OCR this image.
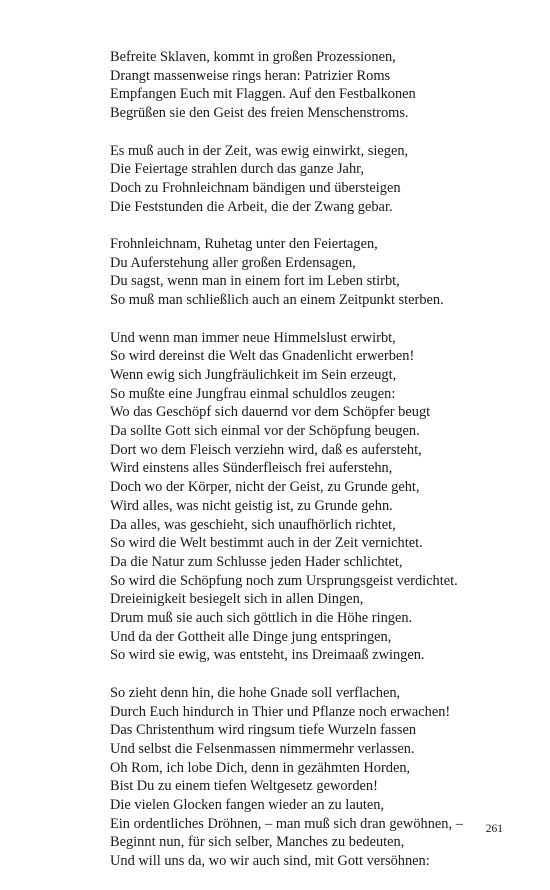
Befreite Sklaven, kommt in großen Prozessionen,
Drangt massenweise rings heran: Patrizier Roms
Empfangen Euch mit Flaggen. Auf den Festbalkonen
Begrüßen sie den Geist des freien Menschenstroms.
Es muß auch in der Zeit, was ewig einwirkt, siegen,
Die Feiertage strahlen durch das ganze Jahr,
Doch zu Frohnleichnam bändigen und übersteigen
Die Feststunden die Arbeit, die der Zwang gebar.
Frohnleichnam, Ruhetag unter den Feiertagen,
Du Auferstehung aller großen Erdensagen,
Du sagst, wenn man in einem fort im Leben stirbt,
So muß man schließlich auch an einem Zeitpunkt sterben.
Und wenn man immer neue Himmelslust erwirbt,
So wird dereinst die Welt das Gnadenlicht erwerben!
Wenn ewig sich Jungfräulichkeit im Sein erzeugt,
So mußte eine Jungfrau einmal schuldlos zeugen:
Wo das Geschöpf sich dauernd vor dem Schöpfer beugt
Da sollte Gott sich einmal vor der Schöpfung beugen.
Dort wo dem Fleisch verziehn wird, daß es aufersteht,
Wird einstens alles Sünderfleisch frei auferstehn,
Doch wo der Körper, nicht der Geist, zu Grunde geht,
Wird alles, was nicht geistig ist, zu Grunde gehn.
Da alles, was geschieht, sich unaufhörlich richtet,
So wird die Welt bestimmt auch in der Zeit vernichtet.
Da die Natur zum Schlusse jeden Hader schlichtet,
So wird die Schöpfung noch zum Ursprungsgeist verdichtet.
Dreieinigkeit besiegelt sich in allen Dingen,
Drum muß sie auch sich göttlich in die Höhe ringen.
Und da der Gottheit alle Dinge jung entspringen,
So wird sie ewig, was entsteht, ins Dreimaaß zwingen.
So zieht denn hin, die hohe Gnade soll verflachen,
Durch Euch hindurch in Thier und Pflanze noch erwachen!
Das Christenthum wird ringsum tiefe Wurzeln fassen
Und selbst die Felsenmassen nimmermehr verlassen.
Oh Rom, ich lobe Dich, denn in gezähmten Horden,
Bist Du zu einem tiefen Weltgesetz geworden!
Die vielen Glocken fangen wieder an zu lauten,
Ein ordentliches Dröhnen, – man muß sich dran gewöhnen, –
Beginnt nun, für sich selber, Manches zu bedeuten,
Und will uns da, wo wir auch sind, mit Gott versöhnen:
261
